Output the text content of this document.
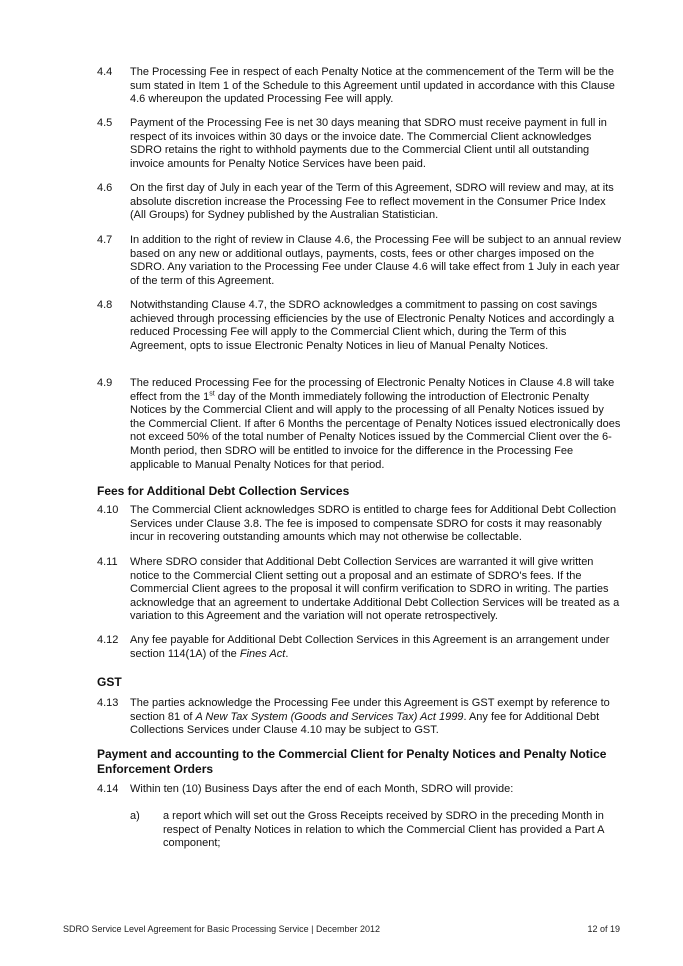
4.4	The Processing Fee in respect of each Penalty Notice at the commencement of the Term will be the sum stated in Item 1 of the Schedule to this Agreement until updated in accordance with this Clause 4.6 whereupon the updated Processing Fee will apply.
4.5	Payment of the Processing Fee is net 30 days meaning that SDRO must receive payment in full in respect of its invoices within 30 days or the invoice date. The Commercial Client acknowledges SDRO retains the right to withhold payments due to the Commercial Client until all outstanding invoice amounts for Penalty Notice Services have been paid.
4.6	On the first day of July in each year of the Term of this Agreement, SDRO will review and may, at its absolute discretion increase the Processing Fee to reflect movement in the Consumer Price Index (All Groups) for Sydney published by the Australian Statistician.
4.7	In addition to the right of review in Clause 4.6, the Processing Fee will be subject to an annual review based on any new or additional outlays, payments, costs, fees or other charges imposed on the SDRO. Any variation to the Processing Fee under Clause 4.6 will take effect from 1 July in each year of the term of this Agreement.
4.8	Notwithstanding Clause 4.7, the SDRO acknowledges a commitment to passing on cost savings achieved through processing efficiencies by the use of Electronic Penalty Notices and accordingly a reduced Processing Fee will apply to the Commercial Client which, during the Term of this Agreement, opts to issue Electronic Penalty Notices in lieu of Manual Penalty Notices.
4.9	The reduced Processing Fee for the processing of Electronic Penalty Notices in Clause 4.8 will take effect from the 1st day of the Month immediately following the introduction of Electronic Penalty Notices by the Commercial Client and will apply to the processing of all Penalty Notices issued by the Commercial Client. If after 6 Months the percentage of Penalty Notices issued electronically does not exceed 50% of the total number of Penalty Notices issued by the Commercial Client over the 6-Month period, then SDRO will be entitled to invoice for the difference in the Processing Fee applicable to Manual Penalty Notices for that period.
Fees for Additional Debt Collection Services
4.10	The Commercial Client acknowledges SDRO is entitled to charge fees for Additional Debt Collection Services under Clause 3.8. The fee is imposed to compensate SDRO for costs it may reasonably incur in recovering outstanding amounts which may not otherwise be collectable.
4.11	Where SDRO consider that Additional Debt Collection Services are warranted it will give written notice to the Commercial Client setting out a proposal and an estimate of SDRO's fees. If the Commercial Client agrees to the proposal it will confirm verification to SDRO in writing. The parties acknowledge that an agreement to undertake Additional Debt Collection Services will be treated as a variation to this Agreement and the variation will not operate retrospectively.
4.12	Any fee payable for Additional Debt Collection Services in this Agreement is an arrangement under section 114(1A) of the Fines Act.
GST
4.13	The parties acknowledge the Processing Fee under this Agreement is GST exempt by reference to section 81 of A New Tax System (Goods and Services Tax) Act 1999. Any fee for Additional Debt Collections Services under Clause 4.10 may be subject to GST.
Payment and accounting to the Commercial Client for Penalty Notices and Penalty Notice Enforcement Orders
4.14	Within ten (10) Business Days after the end of each Month, SDRO will provide:
a)	a report which will set out the Gross Receipts received by SDRO in the preceding Month in respect of Penalty Notices in relation to which the Commercial Client has provided a Part A component;
SDRO Service Level Agreement for Basic Processing Service | December 2012	12 of 19
